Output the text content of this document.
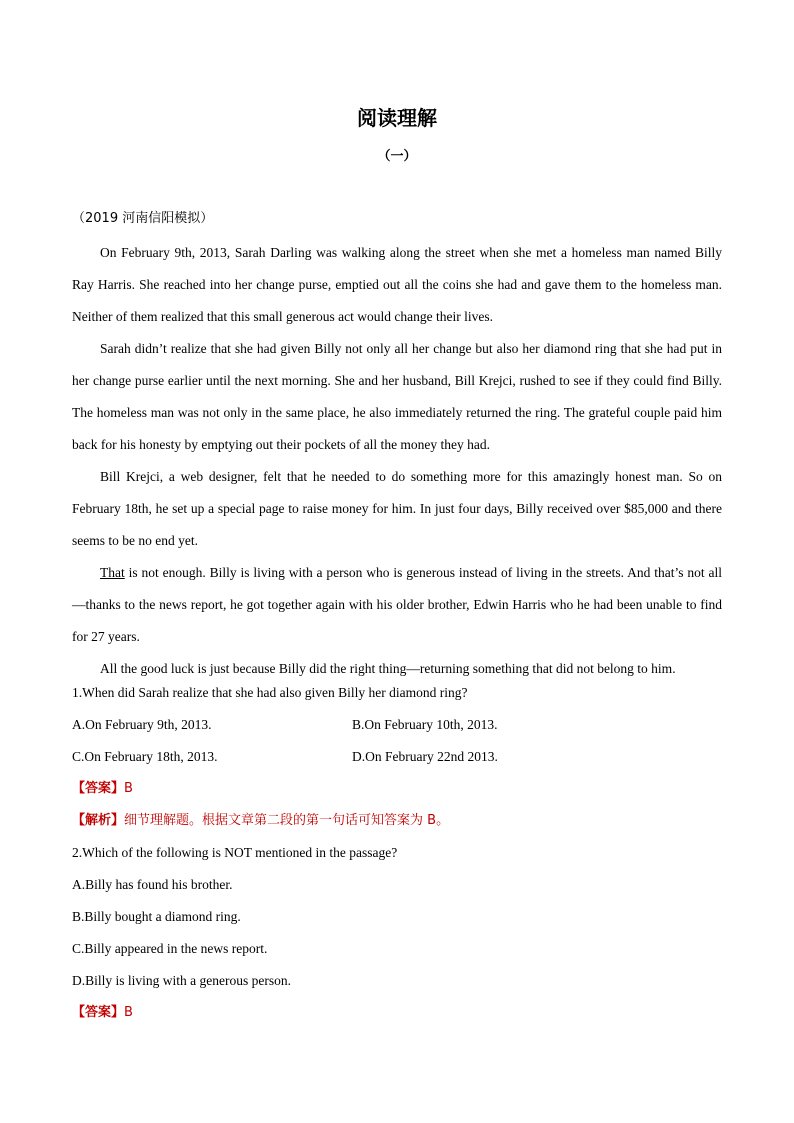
阅读理解
（一）
（2019 河南信阳模拟）

On February 9th, 2013, Sarah Darling was walking along the street when she met a homeless man named Billy Ray Harris. She reached into her change purse, emptied out all the coins she had and gave them to the homeless man. Neither of them realized that this small generous act would change their lives.

Sarah didn’t realize that she had given Billy not only all her change but also her diamond ring that she had put in her change purse earlier until the next morning. She and her husband, Bill Krejci, rushed to see if they could find Billy. The homeless man was not only in the same place, he also immediately returned the ring. The grateful couple paid him back for his honesty by emptying out their pockets of all the money they had.

Bill Krejci, a web designer, felt that he needed to do something more for this amazingly honest man. So on February 18th, he set up a special page to raise money for him. In just four days, Billy received over $85,000 and there seems to be no end yet.

That is not enough. Billy is living with a person who is generous instead of living in the streets. And that’s not all—thanks to the news report, he got together again with his older brother, Edwin Harris who he had been unable to find for 27 years.

All the good luck is just because Billy did the right thing—returning something that did not belong to him.

1.When did Sarah realize that she had also given Billy her diamond ring?
A.On February 9th, 2013.	B.On February 10th, 2013.
C.On February 18th, 2013.	D.On February 22nd 2013.
【答案】B
【解析】细节理解题。根据文章第二段的第一句话可知答案为 B。
2.Which of the following is NOT mentioned in the passage?
A.Billy has found his brother.
B.Billy bought a diamond ring.
C.Billy appeared in the news report.
D.Billy is living with a generous person.
【答案】B
